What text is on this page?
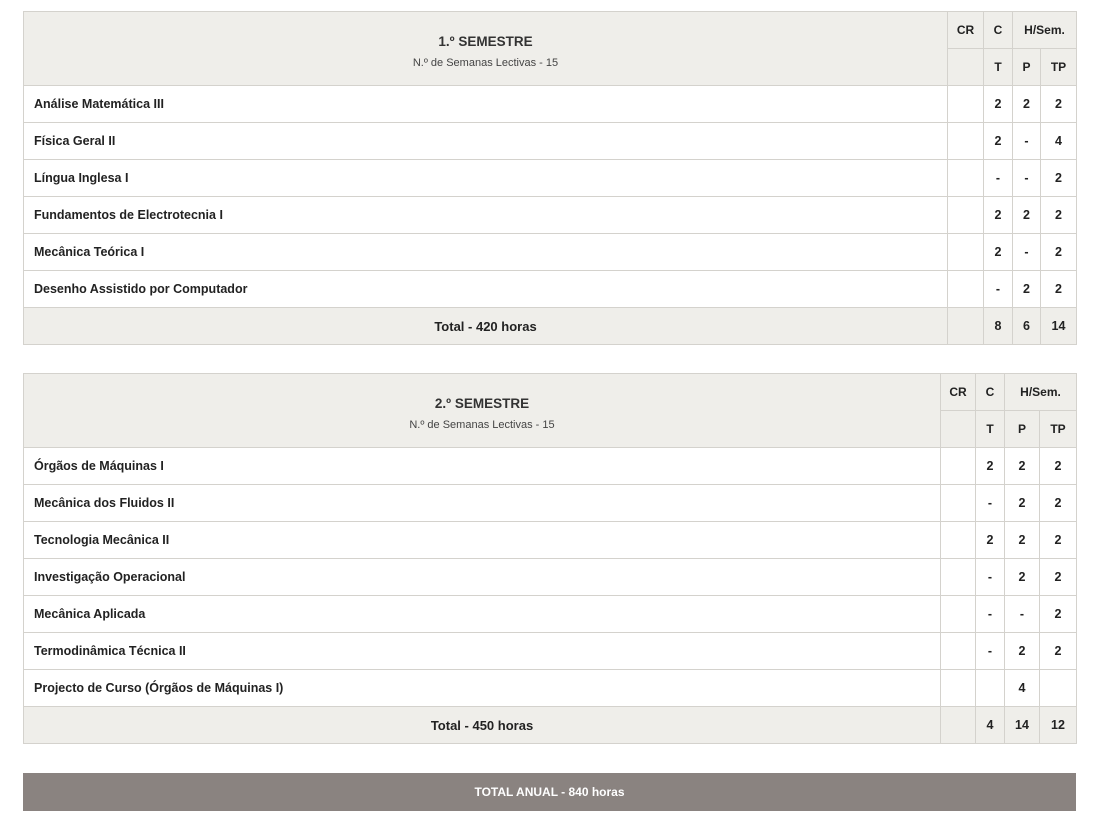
1.º SEMESTRE
N.º de Semanas Lectivas - 15	CR	C	H/Sem.	
		T	P	TP
Análise Matemática III		2	2	2
Física Geral II		2	-	4
Língua Inglesa I		-	-	2
Fundamentos de Electrotecnia I		2	2	2
Mecânica Teórica I		2	-	2
Desenho Assistido por Computador		-	2	2
Total - 420 horas		8	6	14
2.º SEMESTRE
N.º de Semanas Lectivas - 15	CR	C	H/Sem.	
		T	P	TP
Órgãos de Máquinas I		2	2	2
Mecânica dos Fluidos II		-	2	2
Tecnologia Mecânica II		2	2	2
Investigação Operacional		-	2	2
Mecânica Aplicada		-	-	2
Termodinâmica Técnica II		-	2	2
Projecto de Curso (Órgãos de Máquinas I)			4	
Total - 450 horas		4	14	12
TOTAL ANUAL - 840 horas
